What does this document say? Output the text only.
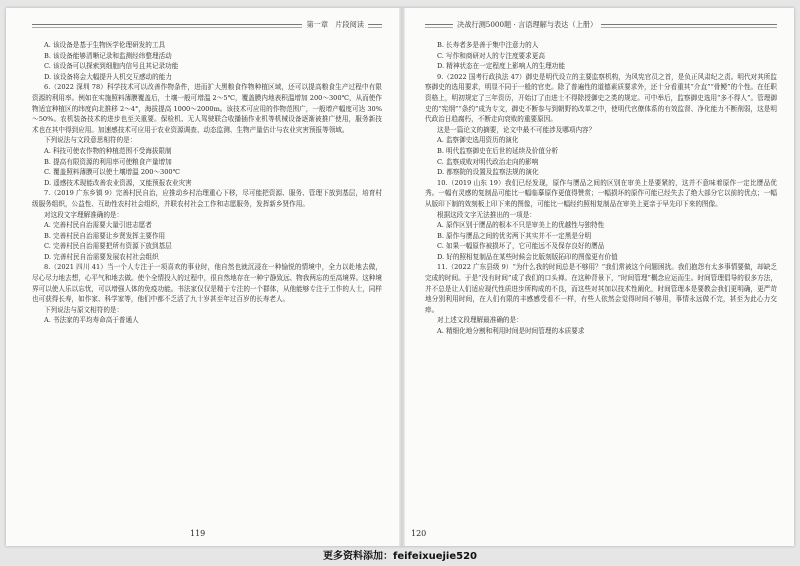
第一章　片段阅读

A. 该设备是基于生物医学伦理研发的工具

B. 该设备能够清晰记录和监测经纬整理活动

C. 该设备可以探索到细胞内信号且其记录功能

D. 该设备将会大幅提升人机交互感动的能力

6.（2022 深圳 78）科学技术可以改善作物条件，进而扩大黑粮食作物种植区域，还可以提高粮食生产过程中有限资源的利用率。例如在实施照料薄膜覆盖后，土壤一般可增温 2～5℃，覆盖膜内地表积温增加 200～300℃，从而使作物适宜种植区的纬度向北推移 2～4°，海拔提高 1000～2000m。该技术可应用的作物范围广，一般增产幅度可达 30%～50%。农机装备技术的进步也至关重要。保检机、无人驾驶联合收播插作业机等机械设备逐渐被推广使用，服务新技术也在其中得到应用。加速感技术可应用于农业资源调查、动态监测、生物产量估计与农业灾害预报等领域。

下列说法与文段意思相符的是：

A. 科技可使农作物的种植范围不受海拔限制

B. 提高有限资源的利用率可使粮食产量增加

C. 覆盖照料薄膜可以使土壤增温 200～300℃

D. 遥感技术现能改善农业资源，又能预报农业灾害

7.（2019 广东乡镇 9）完善村民自治，应推动乡村治理重心下移，尽可能把资源、服务、管理下放到基层，培育村级服务组织，公益性、互助性农村社会组织，并联农村社会工作和志愿服务，发挥新乡贤作用。

对这段文字理解准确的是：

A. 完善村民自治需要大量引进志愿者

B. 完善村民自治需要让乡贤发挥主要作用

C. 完善村民自治需要把所有资源下放到基层

D. 完善村民自治需要发展农村社会组织

8.（2021 四川 41）当一个人专注于一项喜欢的事业时，他自然也就沉浸在一种愉悦的情境中，全力以赴地去做，尽心尽力地去想，心平气和地去做。使个全情投入的过程中，很自然地存在一种宁静致远、物我两忘的至高境界。这种境界可以使人乐以忘忧，可以增强人体的免疫功能。书法家仅仅是精于专注的一个群体，从他能够专注于工作的人士，同样也可获得长寿，如作家、科学家等，他们中都不乏活了九十岁甚至年过百岁的长寿老人。

下列说法与原文相符的是：

A. 书法家的平均寿命高于普通人

119
决战行测5000题 · 言语理解与表达（上册）

B. 长寿者多是善于集中注意力的人

C. 写作和商研对人的专注度要求更高

D. 精神状态在一定程度上影响人的生理功能

9.（2022 国考行政执法 47）御史是明代设立的主要监察机构，为风宪官员之首，是负正风肃纪之责。明代对其所监察御史的选用要求，明显不同于一般的官吏。除了普遍性的道德素质要求外，还十分看重其“介直”“骨鲠”的个性。在任职资格上，明初规定了三年资历，开始订了由进士不得除授御史之类的规定。可中举后，监察御史选用“多不得人”。管理御史的“宪纲”“条约”成为专文，御史不断参与到朝野的改革之中，使明代官僚体系的有效监督、净化能力不断削弱，这是明代政治日趋腐朽，不断走向衰败的重要原因。

这是一篇论文的摘要，论文中最不可能涉及哪项内容？

A. 监察御史选用资历的演化

B. 明代监察御史在后世的延续及价值分析

C. 监察成败对明代政治走向的影响

D. 都察院的设置及监察法规的演化

10.（2019 山东 19）我们已经发现，原作与赝品之间的区别在审美上是要紧的，这并不意味着原作一定比赝品优秀。一幅有灵感的复制品可能比一幅临摹原作更值得赞赏；一幅损坏的原作可能已经失去了绝大部分它以前的优点；一幅从版印下制的效刻板上印下来的图像，可能比一幅经约照相复制品在审美上更亲于早先印下来的图像。

根据这段文字无法推出的一项是：

A. 原作区别于赝品的根本不只是审美上的优越性与独特性

B. 原作与赝品之间的优劣两下其实并不一定黑是分明

C. 如果一幅原作被损坏了，它可能远不及保存良好的赝品

D. 好的照相复制品在某些时候会比版刻版拓印的图像更有价值

11.（2022 广东县级 9）“为什么我的时间总是不够用？”我们常被这个问题困扰。我们抱怨有太多事情要做，却缺乏完成的时间。于是“没有时间”成了我们的口头禅。在这种背景下，“时间管理”概念应运而生。时间管理倡导的很多方法，并不总是让人们适应现代性质进步所构成的不良，而这些对其加以技术性阐化，时间管理本是要教会我们更明确，更严苛地分别利用时间，在人们有限的丰感感受看不一样，有些人依然会觉得时间不够用，事情永远做不完，甚至为此心力交瘁。

对上述文段理解最准确的是：

A. 精细化地分割和利用时间是时间管理的本质要求

120
更多资料添加：feifeixuejie520
